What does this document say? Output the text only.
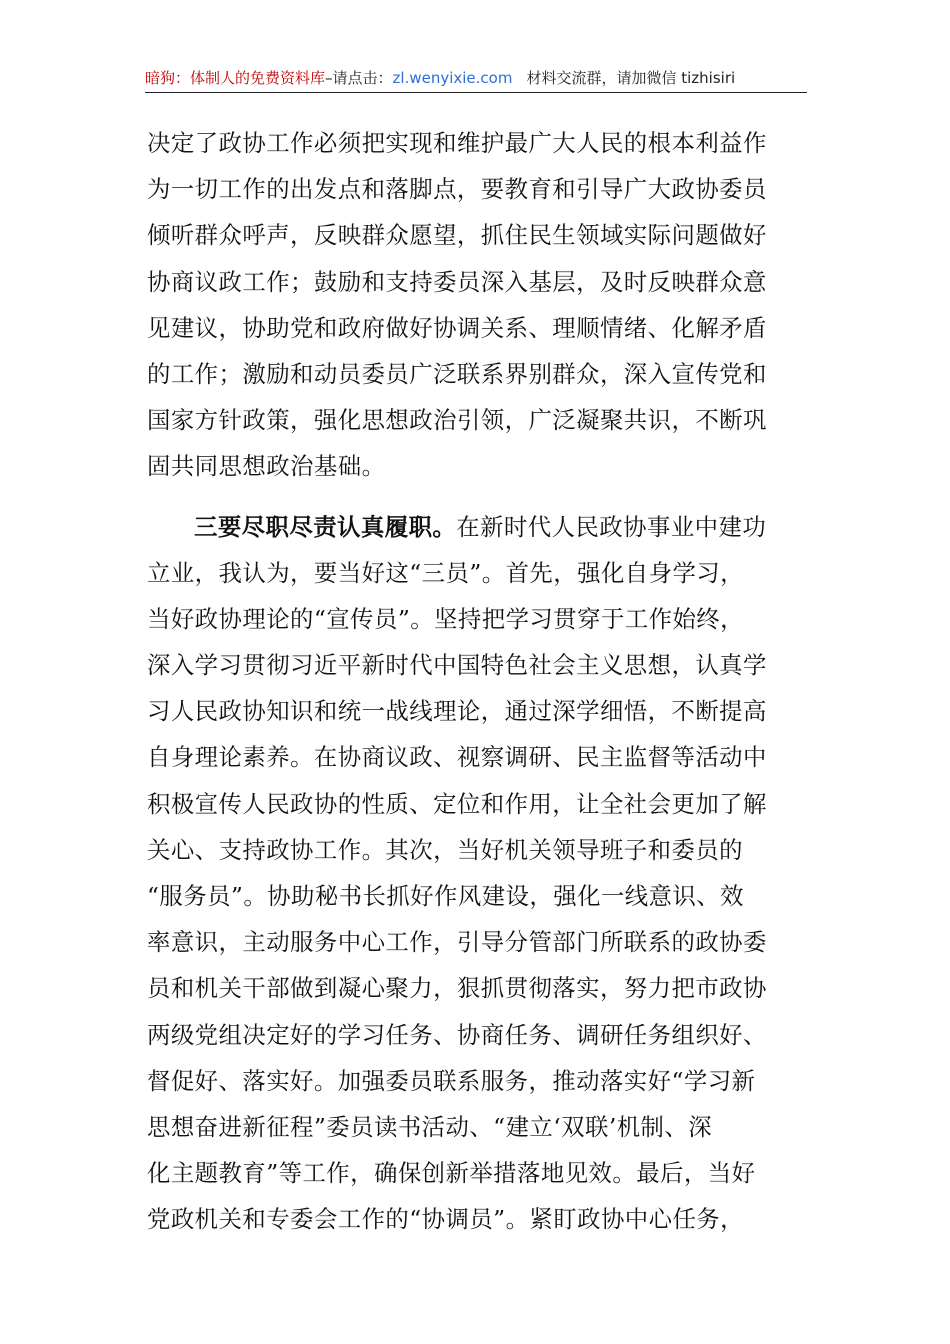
暗狗：体制人的免费资料库–请点击：zl.wenyixie.com 材料交流群，请加微信 tizhisiri
决定了政协工作必须把实现和维护最广大人民的根本利益作
为一切工作的出发点和落脚点，要教育和引导广大政协委员
倾听群众呼声，反映群众愿望，抓住民生领域实际问题做好
协商议政工作；鼓励和支持委员深入基层，及时反映群众意
见建议，协助党和政府做好协调关系、理顺情绪、化解矛盾
的工作；激励和动员委员广泛联系界别群众，深入宣传党和
国家方针政策，强化思想政治引领，广泛凝聚共识，不断巩
固共同思想政治基础。
三要尽职尽责认真履职。在新时代人民政协事业中建功
立业，我认为，要当好这“三员”。首先，强化自身学习，
当好政协理论的“宣传员”。坚持把学习贯穿于工作始终，
深入学习贯彻习近平新时代中国特色社会主义思想，认真学
习人民政协知识和统一战线理论，通过深学细悟，不断提高
自身理论素养。在协商议政、视察调研、民主监督等活动中
积极宣传人民政协的性质、定位和作用，让全社会更加了解
关心、支持政协工作。其次，当好机关领导班子和委员的
“服务员”。协助秘书长抓好作风建设，强化一线意识、效
率意识，主动服务中心工作，引导分管部门所联系的政协委
员和机关干部做到凝心聚力，狠抓贯彻落实，努力把市政协
两级党组决定好的学习任务、协商任务、调研任务组织好、
督促好、落实好。加强委员联系服务，推动落实好“学习新
思想奋进新征程”委员读书活动、“建立‘双联’机制、深
化主题教育”等工作，确保创新举措落地见效。最后，当好
党政机关和专委会工作的“协调员”。紧盯政协中心任务，
